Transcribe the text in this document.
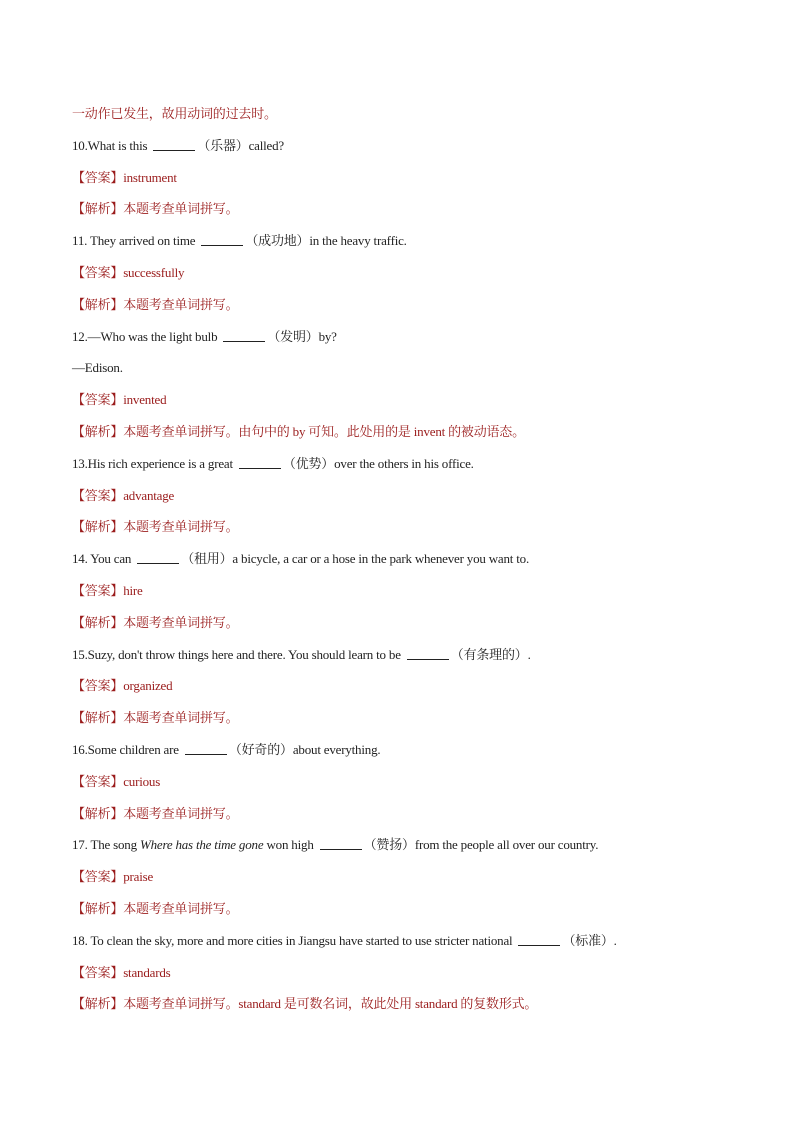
一动作已发生，故用动词的过去时。
10.What is this	（乐器）called?
【答案】instrument
【解析】本题考查单词拼写。
11. They arrived on time	（成功地）in the heavy traffic.
【答案】successfully
【解析】本题考查单词拼写。
12.—Who was the light bulb	（发明）by?
—Edison.
【答案】invented
【解析】本题考查单词拼写。由句中的 by 可知。此处用的是 invent 的被动语态。
13.His rich experience is a great	（优势）over the others in his office.
【答案】advantage
【解析】本题考查单词拼写。
14. You can	（租用）a bicycle, a car or a hose in the park whenever you want to.
【答案】hire
【解析】本题考查单词拼写。
15.Suzy, don't throw things here and there. You should learn to be	（有条理的）.
【答案】organized
【解析】本题考查单词拼写。
16.Some children are	（好奇的）about everything.
【答案】curious
【解析】本题考查单词拼写。
17. The song Where has the time gone won high	（赞扬）from the people all over our country.
【答案】praise
【解析】本题考查单词拼写。
18. To clean the sky, more and more cities in Jiangsu have started to use stricter national	（标准）.
【答案】standards
【解析】本题考查单词拼写。standard 是可数名词，故此处用 standard 的复数形式。
